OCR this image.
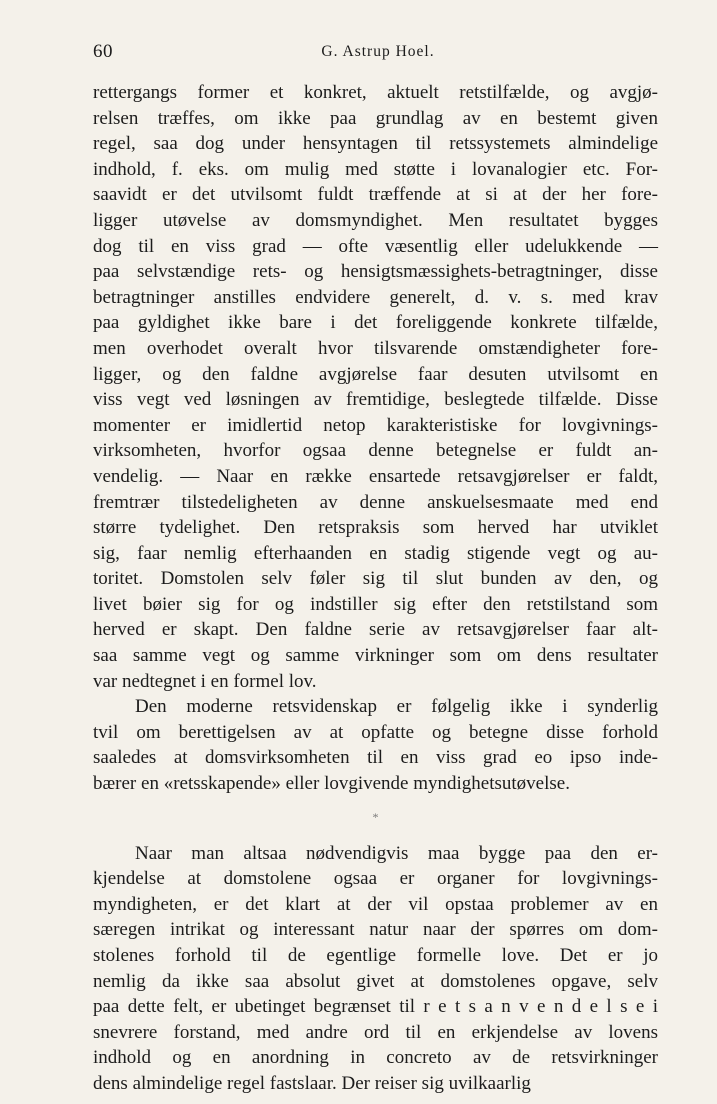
60	G. Astrup Hoel.

rettergangs former et konkret, aktuelt retstilfælde, og avgjø-
relsen træffes, om ikke paa grundlag av en bestemt given
regel, saa dog under hensyntagen til retssystemets almindelige
indhold, f. eks. om mulig med støtte i lovanalogier etc. For-
saavidt er det utvilsomt fuldt træffende at si at der her fore-
ligger utøvelse av domsmyndighet. Men resultatet bygges
dog til en viss grad — ofte væsentlig eller udelukkende —
paa selvstændige rets- og hensigtsmæssighets-betragtninger, disse
betragtninger anstilles endvidere generelt, d. v. s. med krav
paa gyldighet ikke bare i det foreliggende konkrete tilfælde,
men overhodet overalt hvor tilsvarende omstændigheter fore-
ligger, og den faldne avgjørelse faar desuten utvilsomt en
viss vegt ved løsningen av fremtidige, beslegtede tilfælde. Disse
momenter er imidlertid netop karakteristiske for lovgivnings-
virksomheten, hvorfor ogsaa denne betegnelse er fuldt an-
vendelig. — Naar en række ensartede retsavgjørelser er faldt,
fremtrær tilstedeligheten av denne anskuelsesmaate med end
større tydelighet. Den retspraksis som herved har utviklet
sig, faar nemlig efterhaanden en stadig stigende vegt og au-
toritet. Domstolen selv føler sig til slut bunden av den, og
livet bøier sig for og indstiller sig efter den retstilstand som
herved er skapt. Den faldne serie av retsavgjørelser faar alt-
saa samme vegt og samme virkninger som om dens resultater
var nedtegnet i en formel lov.

Den moderne retsvidenskap er følgelig ikke i synderlig
tvil om berettigelsen av at opfatte og betegne disse forhold
saaledes at domsvirksomheten til en viss grad eo ipso inde-
bærer en «retsskapende» eller lovgivende myndighetsutøvelse.

*

Naar man altsaa nødvendigvis maa bygge paa den er-
kjendelse at domstolene ogsaa er organer for lovgivnings-
myndigheten, er det klart at der vil opstaa problemer av en
særegen intrikat og interessant natur naar der spørres om dom-
stolenes forhold til de egentlige formelle love. Det er jo
nemlig da ikke saa absolut givet at domstolenes opgave, selv
paa dette felt, er ubetinget begrænset til r e t s a n v e n d e l s e i
snevrere forstand, med andre ord til en erkjendelse av lovens
indhold og en anordning in concreto av de retsvirkninger
dens almindelige regel fastslaar. Der reiser sig uvilkaarlig
